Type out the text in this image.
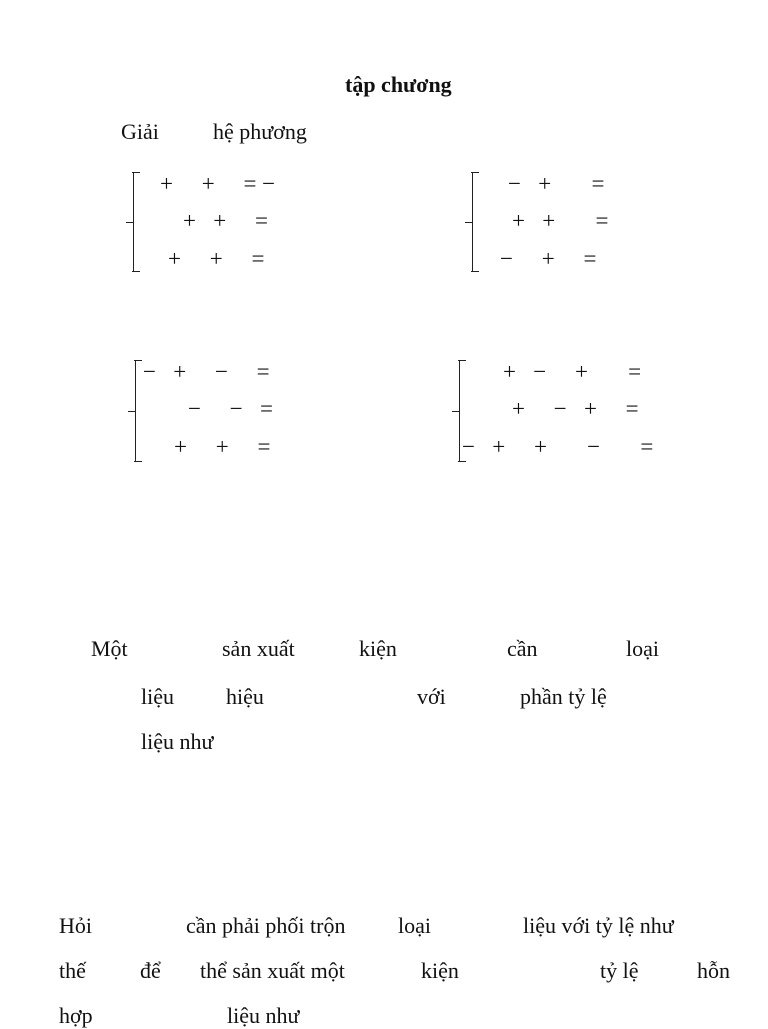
tập chương
Giải hệ phương
+     +     = −
+   +     =
+     +     =
−   +       =
+   +       =
−     +     =
−   +     −     =
−     −   =
+     +     =
+   −     +       =
+     −   +     =
−   +     +       −       =
Một	sản xuất	kiện	cần	loại
liệu hiệu	với	phần tỷ lệ
liệu như
Hỏi	cần phải phối trộn loại	liệu với tỷ lệ như
thế để thể sản xuất một	kiện	tỷ lệ	hỗn
hợp	liệu như
